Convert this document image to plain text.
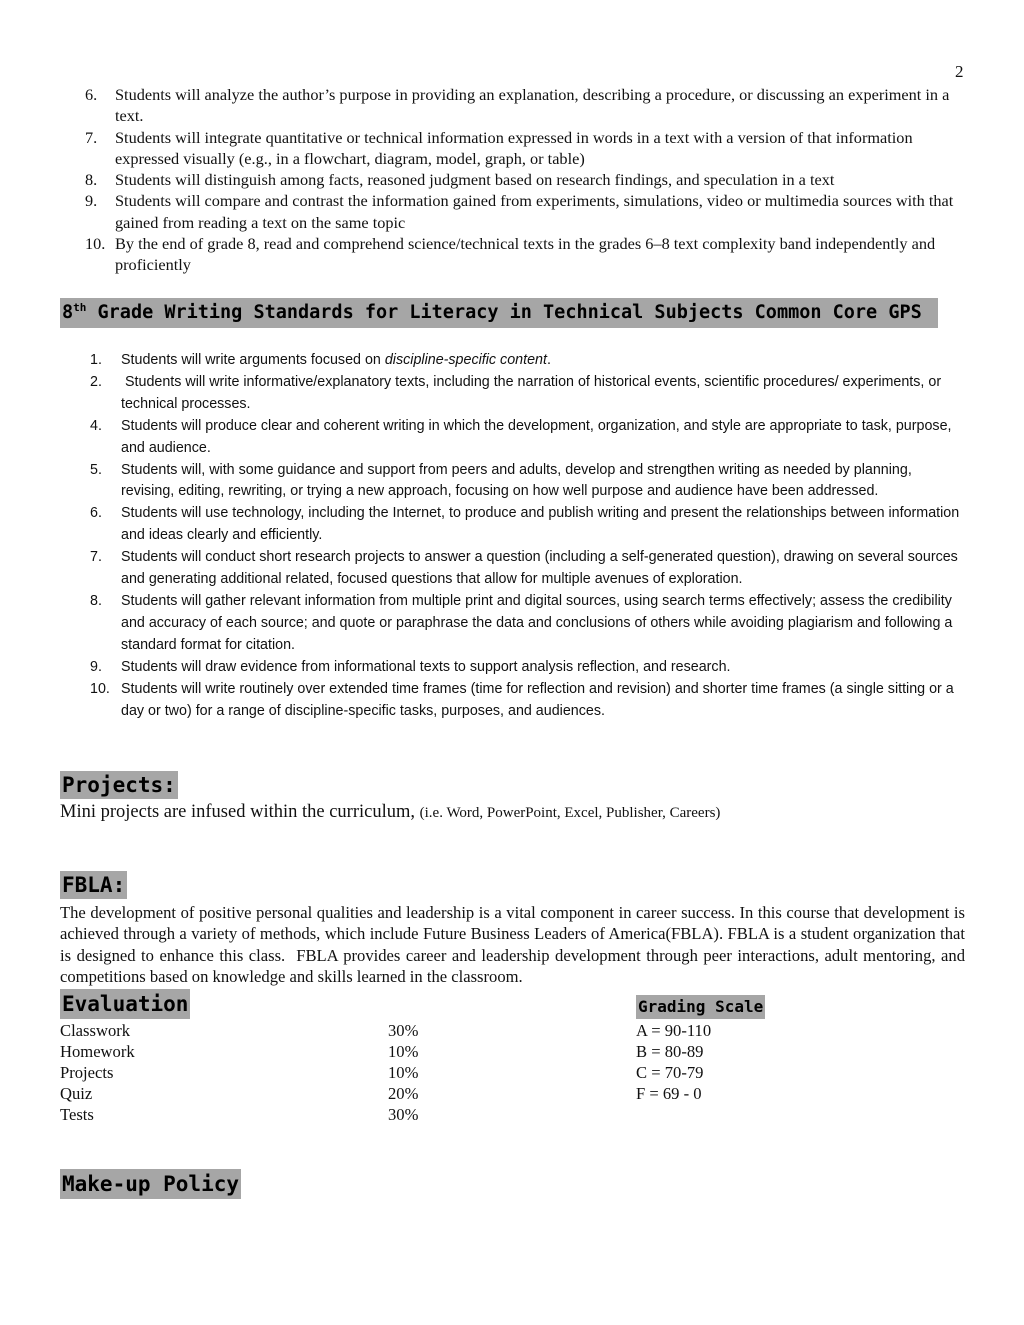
2
6.	Students will analyze the author’s purpose in providing an explanation, describing a procedure, or discussing an experiment in a text.
7.	Students will integrate quantitative or technical information expressed in words in a text with a version of that information expressed visually (e.g., in a flowchart, diagram, model, graph, or table)
8.	Students will distinguish among facts, reasoned judgment based on research findings, and speculation in a text
9.	Students will compare and contrast the information gained from experiments, simulations, video or multimedia sources with that gained from reading a text on the same topic
10. By the end of grade 8, read and comprehend science/technical texts in the grades 6–8 text complexity band independently and proficiently
8th Grade Writing Standards for Literacy in Technical Subjects Common Core GPS
1.	Students will write arguments focused on discipline-specific content.
2.	Students will write informative/explanatory texts, including the narration of historical events, scientific procedures/ experiments, or technical processes.
4.	Students will produce clear and coherent writing in which the development, organization, and style are appropriate to task, purpose, and audience.
5.	Students will, with some guidance and support from peers and adults, develop and strengthen writing as needed by planning, revising, editing, rewriting, or trying a new approach, focusing on how well purpose and audience have been addressed.
6.	Students will use technology, including the Internet, to produce and publish writing and present the relationships between information and ideas clearly and efficiently.
7.	Students will conduct short research projects to answer a question (including a self-generated question), drawing on several sources and generating additional related, focused questions that allow for multiple avenues of exploration.
8.	Students will gather relevant information from multiple print and digital sources, using search terms effectively; assess the credibility and accuracy of each source; and quote or paraphrase the data and conclusions of others while avoiding plagiarism and following a standard format for citation.
9.	Students will draw evidence from informational texts to support analysis reflection, and research.
10. Students will write routinely over extended time frames (time for reflection and revision) and shorter time frames (a single sitting or a day or two) for a range of discipline-specific tasks, purposes, and audiences.
Projects:
Mini projects are infused within the curriculum, (i.e. Word, PowerPoint, Excel, Publisher, Careers)
FBLA:
The development of positive personal qualities and leadership is a vital component in career success. In this course that development is achieved through a variety of methods, which include Future Business Leaders of America(FBLA). FBLA is a student organization that is designed to enhance this class.  FBLA provides career and leadership development through peer interactions, adult mentoring, and competitions based on knowledge and skills learned in the classroom.
Evaluation	Grading Scale
Classwork	30%	A = 90-110
Homework	10%	B = 80-89
Projects	10%	C = 70-79
Quiz	20%	F = 69 - 0
Tests	30%
Make-up Policy
